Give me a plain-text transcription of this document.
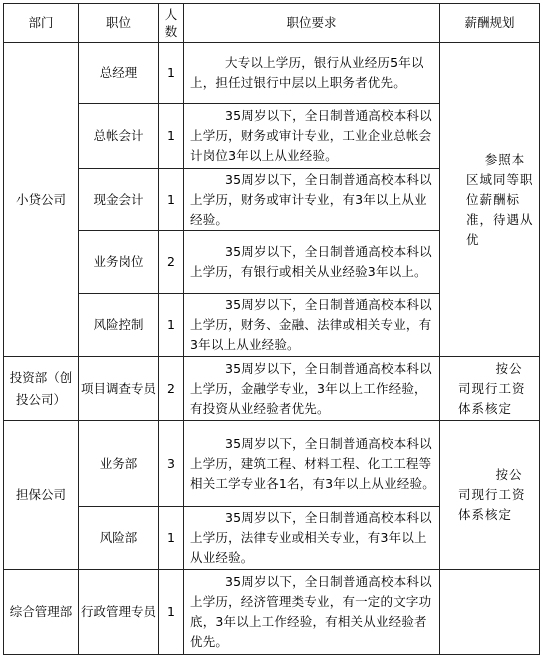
部门	职位	人数	职位要求	薪酬规划
小贷公司	总经理	1	大专以上学历，银行从业经历5年以上，担任过银行中层以上职务者优先。	参照本区域同等职位薪酬标准，待遇从优
	总帐会计	1	35周岁以下，全日制普通高校本科以上学历，财务或审计专业，工业企业总帐会计岗位3年以上从业经验。	
	现金会计	1	35周岁以下，全日制普通高校本科以上学历，财务或审计专业，有3年以上从业经验。	
	业务岗位	2	35周岁以下，全日制普通高校本科以上学历，有银行或相关从业经验3年以上。	
	风险控制	1	35周岁以下，全日制普通高校本科以上学历，财务、金融、法律或相关专业，有3年以上从业经验。	
投资部（创投公司）	项目调查专员	2	35周岁以下，全日制普通高校本科以上学历，金融学专业，3年以上工作经验，有投资从业经验者优先。	按公司现行工资体系核定
担保公司	业务部	3	35周岁以下，全日制普通高校本科以上学历，建筑工程、材料工程、化工工程等相关工学专业各1名，有3年以上从业经验。	按公司现行工资体系核定
	风险部	1	35周岁以下，全日制普通高校本科以上学历，法律专业或相关专业，有3年以上从业经验。	
综合管理部	行政管理专员	1	35周岁以下，全日制普通高校本科以上学历，经济管理类专业，有一定的文字功底，3年以上工作经验，有相关从业经验者优先。	
